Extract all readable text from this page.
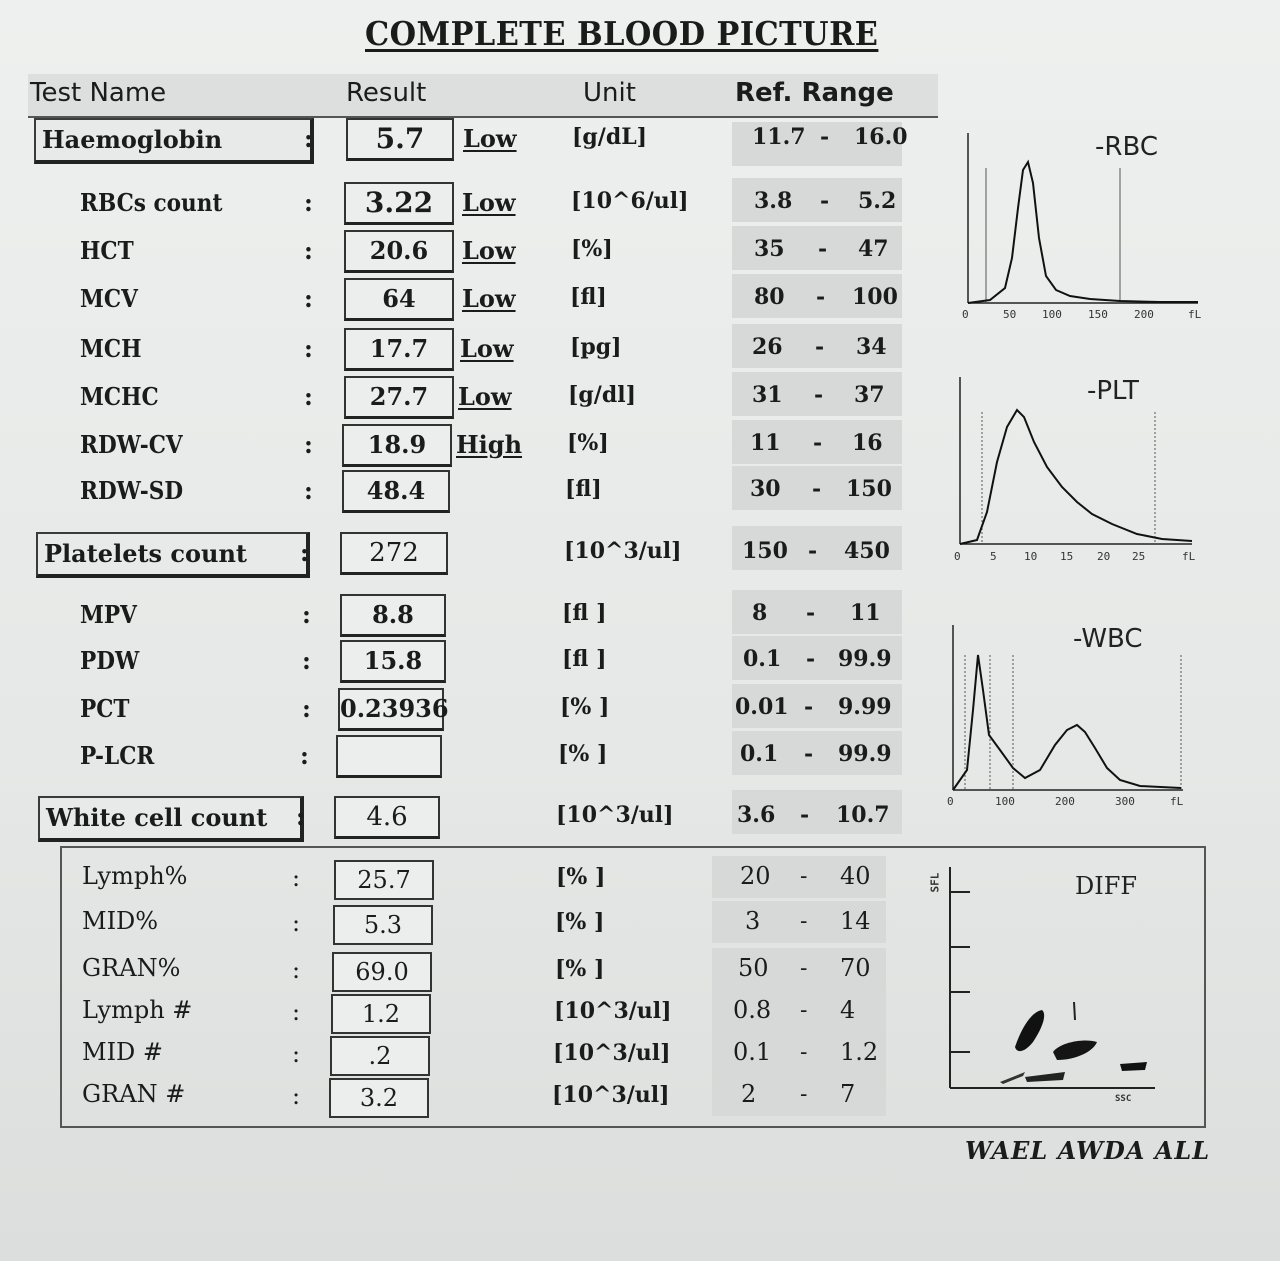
COMPLETE BLOOD PICTURE
Test Name	Result	Unit	Ref. Range
Haemoglobin	:	5.7	Low	[g/dL]	11.7 - 16.0
RBCs count	:	3.22	Low	[10^6/ul]	3.8 - 5.2
HCT	:	20.6	Low	[%]	35 - 47
MCV	:	64	Low [fl]	80 - 100
MCH	:	17.7	Low	[pg]	26 - 34
MCHC	:	27.7	Low	[g/dl]	31 - 37
RDW-CV	:	18.9	High [%]	11 - 16
RDW-SD	:	48.4	[fl]	30 - 150
Platelets count	:	272	[10^3/ul]	150 - 450
MPV	:	8.8	[fl ]	8 - 11
PDW	:	15.8	[fl ]	0.1 - 99.9
PCT	: 0.23936	[% ]	0.01 - 9.99
P-LCR	:	[% ]	0.1 - 99.9
White cell count	:	4.6	[10^3/ul]	3.6 - 10.7
Lymph%	:	25.7	[% ]	20 - 40
MID%	:	5.3	[% ]	3 - 14
GRAN%	:	69.0	[% ]	50 - 70
Lymph #	:	1.2	[10^3/ul]	0.8 - 4
MID #	:	.2	[10^3/ul]	0.1 - 1.2
GRAN #	:	3.2	[10^3/ul]	2 - 7
-RBC
0	50 100 150 200	fL
-PLT
0	5 10 15 20 25	fL
-WBC
0	100	200	300	fL
DIFF
SFL
SSC
WAEL AWDA ALL
